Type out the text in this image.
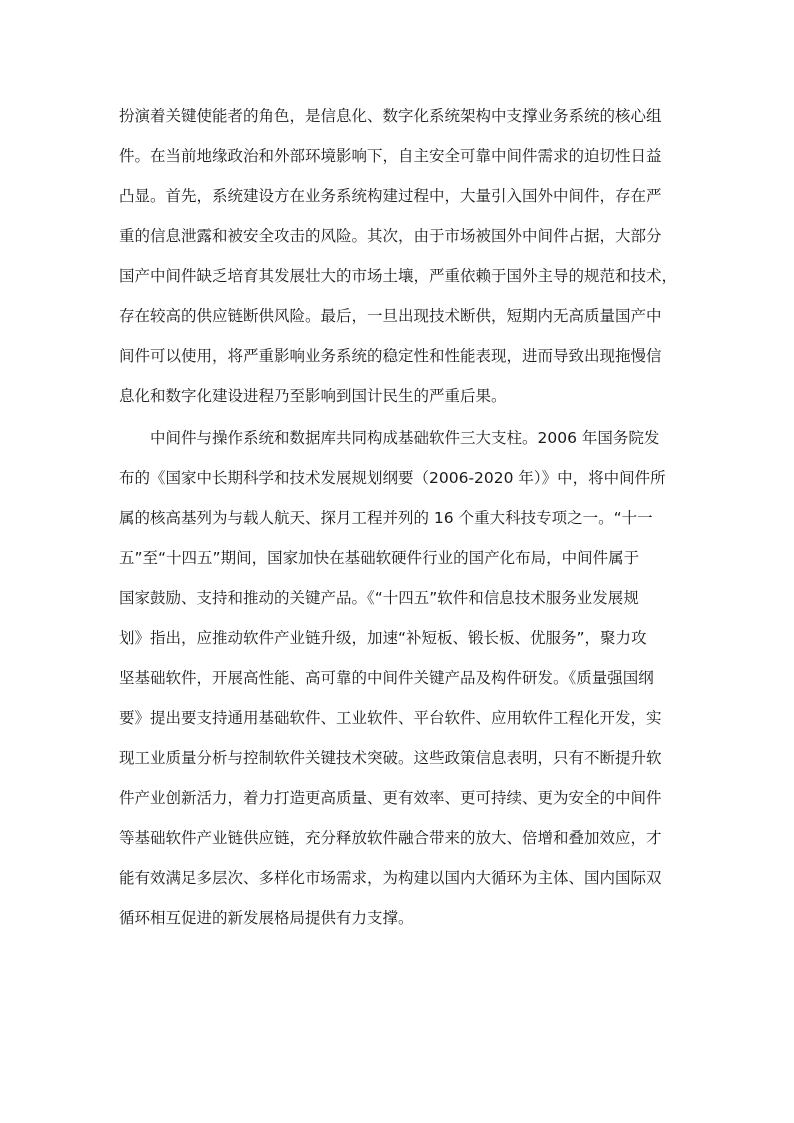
扮演着关键使能者的角色，是信息化、数字化系统架构中支撑业务系统的核心组
件。在当前地缘政治和外部环境影响下，自主安全可靠中间件需求的迫切性日益
凸显。首先，系统建设方在业务系统构建过程中，大量引入国外中间件，存在严
重的信息泄露和被安全攻击的风险。其次，由于市场被国外中间件占据，大部分
国产中间件缺乏培育其发展壮大的市场土壤，严重依赖于国外主导的规范和技术，
存在较高的供应链断供风险。最后，一旦出现技术断供，短期内无高质量国产中
间件可以使用，将严重影响业务系统的稳定性和性能表现，进而导致出现拖慢信
息化和数字化建设进程乃至影响到国计民生的严重后果。
中间件与操作系统和数据库共同构成基础软件三大支柱。2006 年国务院发
布的《国家中长期科学和技术发展规划纲要（2006-2020 年）》中，将中间件所
属的核高基列为与载人航天、探月工程并列的 16 个重大科技专项之一。“十一
五”至“十四五”期间，国家加快在基础软硬件行业的国产化布局，中间件属于
国家鼓励、支持和推动的关键产品。《“十四五”软件和信息技术服务业发展规
划》指出，应推动软件产业链升级，加速“补短板、锻长板、优服务”，聚力攻
坚基础软件，开展高性能、高可靠的中间件关键产品及构件研发。《质量强国纲
要》提出要支持通用基础软件、工业软件、平台软件、应用软件工程化开发，实
现工业质量分析与控制软件关键技术突破。这些政策信息表明，只有不断提升软
件产业创新活力，着力打造更高质量、更有效率、更可持续、更为安全的中间件
等基础软件产业链供应链，充分释放软件融合带来的放大、倍增和叠加效应，才
能有效满足多层次、多样化市场需求，为构建以国内大循环为主体、国内国际双
循环相互促进的新发展格局提供有力支撑。
